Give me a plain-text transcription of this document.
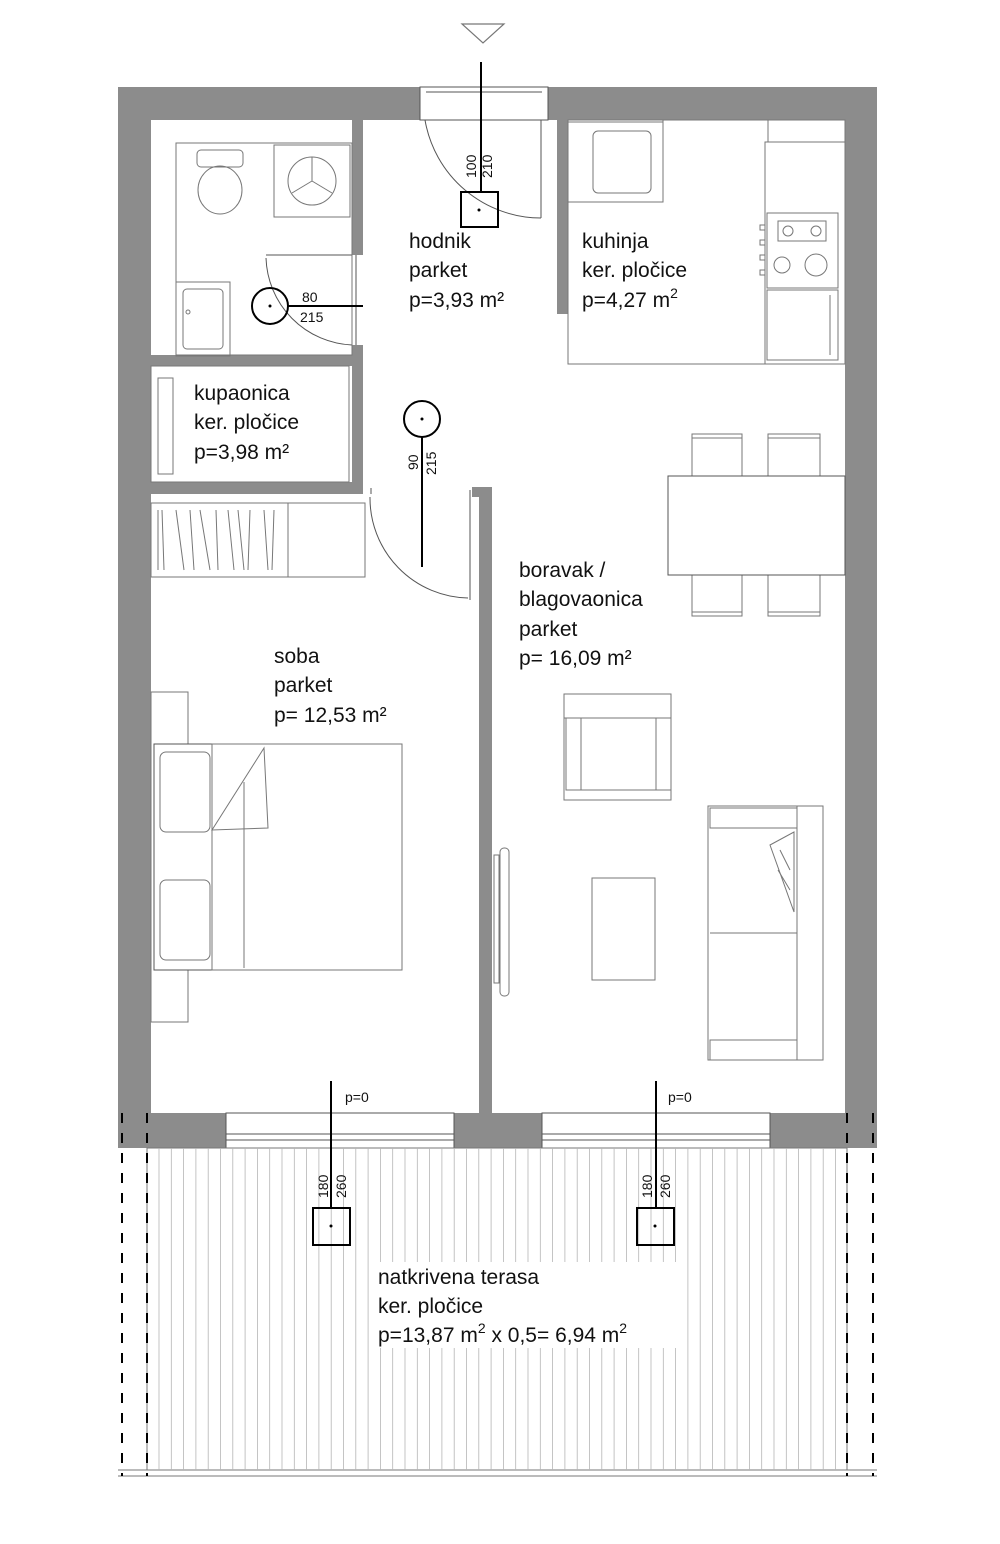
100 210
80
215
90 215
p=0
180 260
p=0
180 260
hodnik
parket
p=3,93 m²
kuhinja
ker. pločice
p=4,27 $m^2$
kupaonica
ker. pločice
p=3,98 m²
boravak /
blagovaonica
parket
p= 16,09 m²
soba
parket
p= 12,53 m²
natkrivena terasa
ker. pločice
p=13,87 $m^2$ x 0,5= 6,94 $m^2$
